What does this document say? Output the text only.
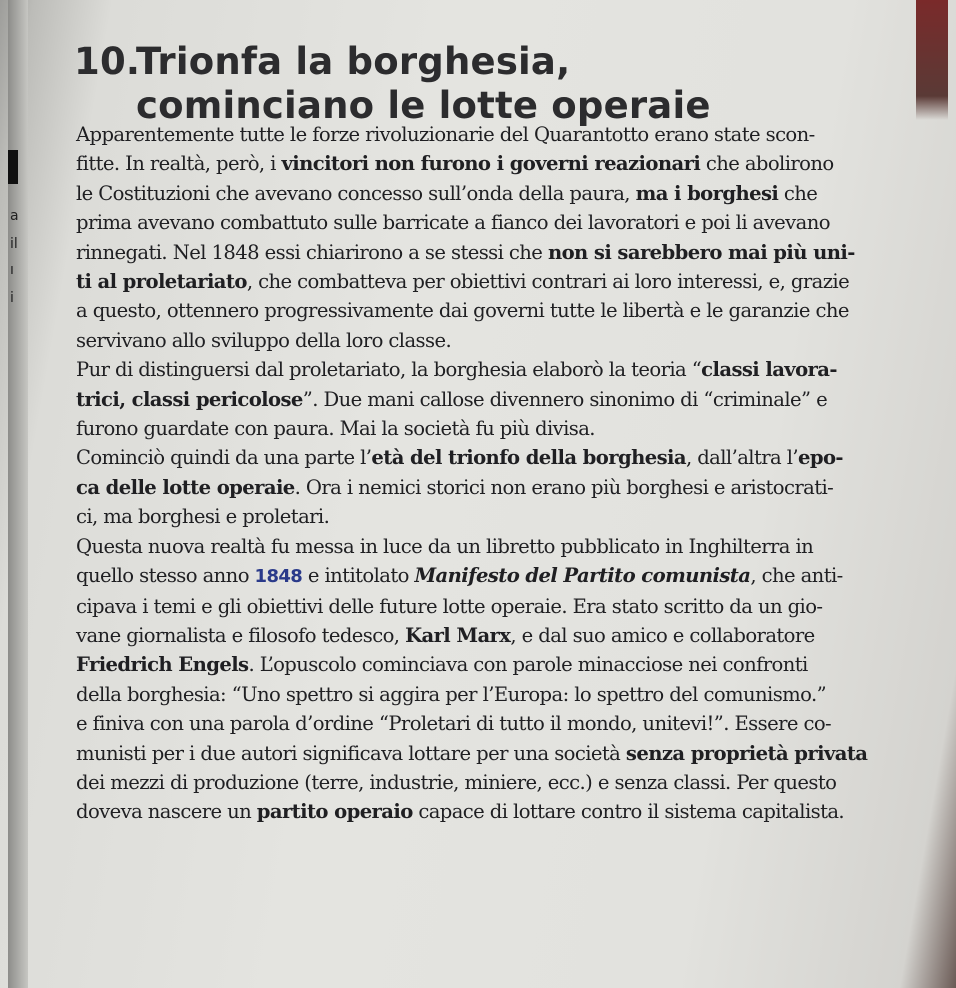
a
il
ı
i
10.Trionfa la borghesia,
cominciano le lotte operaie
Apparentemente tutte le forze rivoluzionarie del Quarantotto erano state scon-
fitte. In realtà, però, i vincitori non furono i governi reazionari che abolirono
le Costituzioni che avevano concesso sull’onda della paura, ma i borghesi che
prima avevano combattuto sulle barricate a fianco dei lavoratori e poi li avevano
rinnegati. Nel 1848 essi chiarirono a se stessi che non si sarebbero mai più uni-
ti al proletariato, che combatteva per obiettivi contrari ai loro interessi, e, grazie
a questo, ottennero progressivamente dai governi tutte le libertà e le garanzie che
servivano allo sviluppo della loro classe.
Pur di distinguersi dal proletariato, la borghesia elaborò la teoria “classi lavora-
trici, classi pericolose”. Due mani callose divennero sinonimo di “criminale” e
furono guardate con paura. Mai la società fu più divisa.
Cominciò quindi da una parte l’età del trionfo della borghesia, dall’altra l’epo-
ca delle lotte operaie. Ora i nemici storici non erano più borghesi e aristocrati-
ci, ma borghesi e proletari.
Questa nuova realtà fu messa in luce da un libretto pubblicato in Inghilterra in
quello stesso anno 1848 e intitolato Manifesto del Partito comunista, che anti-
cipava i temi e gli obiettivi delle future lotte operaie. Era stato scritto da un gio-
vane giornalista e filosofo tedesco, Karl Marx, e dal suo amico e collaboratore
Friedrich Engels. L’opuscolo cominciava con parole minacciose nei confronti
della borghesia: “Uno spettro si aggira per l’Europa: lo spettro del comunismo.”
e finiva con una parola d’ordine “Proletari di tutto il mondo, unitevi!”. Essere co-
munisti per i due autori significava lottare per una società senza proprietà privata
dei mezzi di produzione (terre, industrie, miniere, ecc.) e senza classi. Per questo
doveva nascere un partito operaio capace di lottare contro il sistema capitalista.
